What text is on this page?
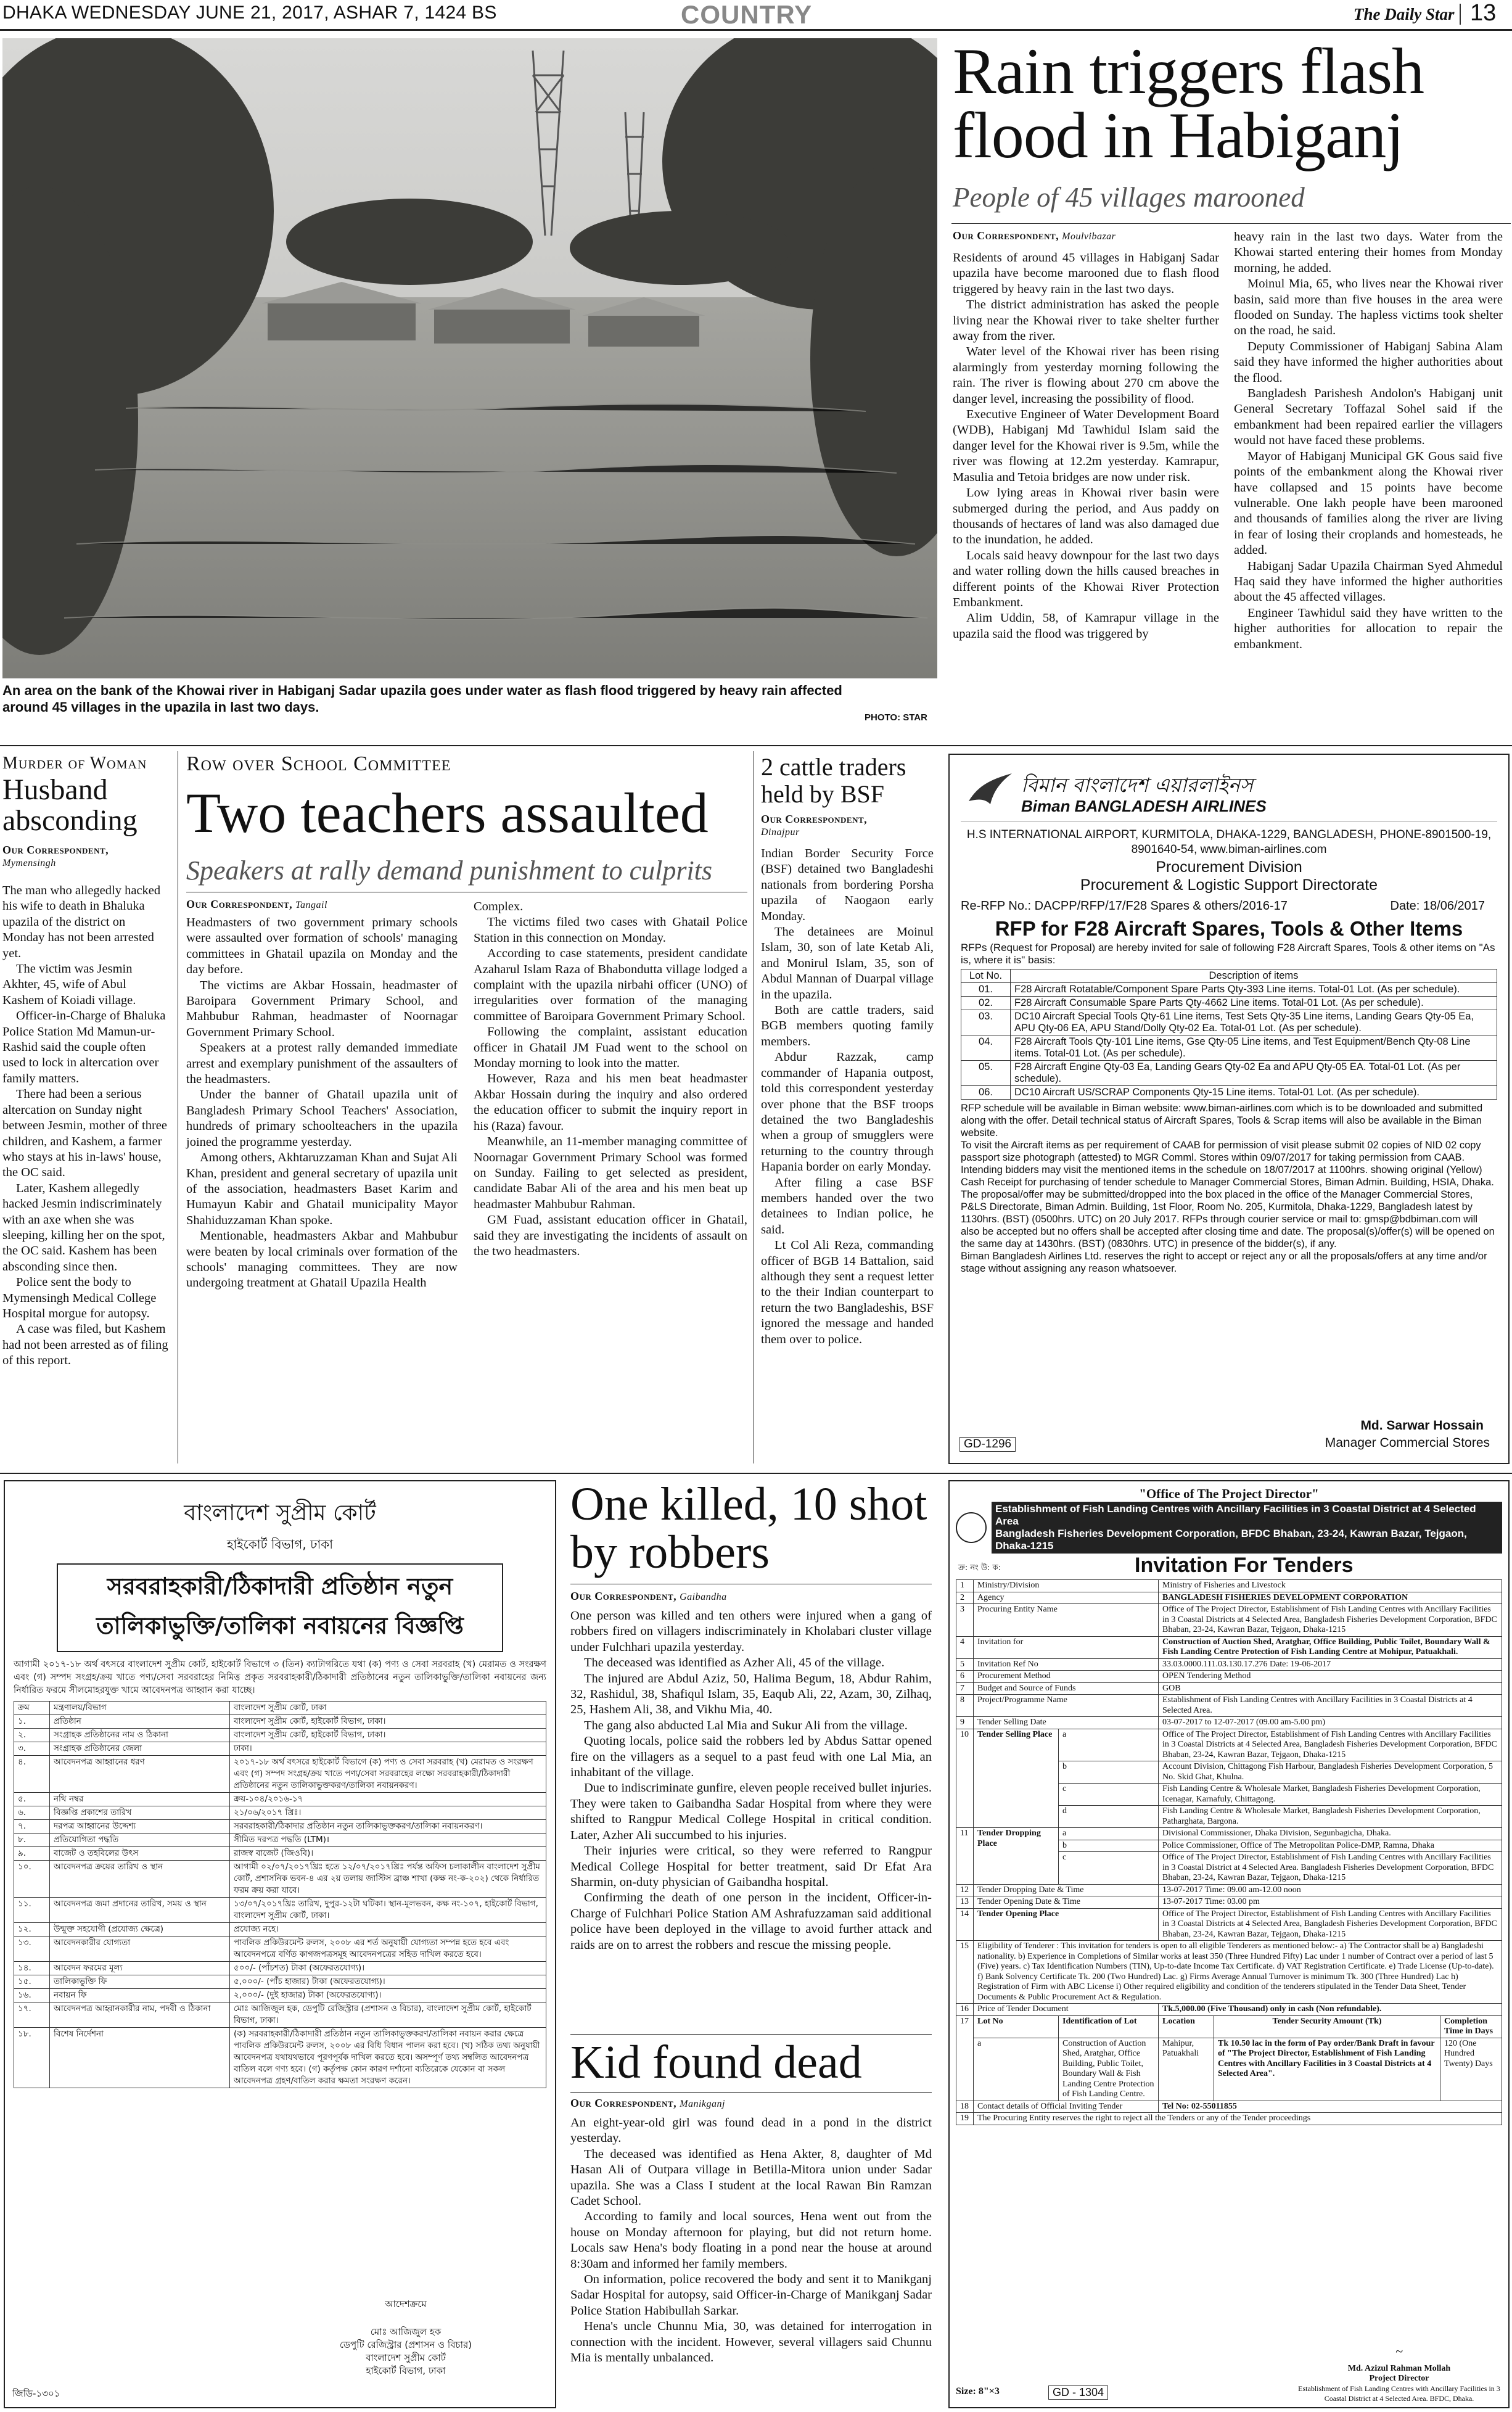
DHAKA WEDNESDAY JUNE 21, 2017, ASHAR 7, 1424 BS	COUNTRY	The Daily Star 13
An area on the bank of the Khowai river in Habiganj Sadar upazila goes under water as flash flood triggered by heavy rain affected around 45 villages in the upazila in last two days.
PHOTO: STAR
Rain triggers flash flood in Habiganj
People of 45 villages marooned
Our Correspondent, Moulvibazar

Residents of around 45 villages in Habiganj Sadar upazila have become marooned due to flash flood triggered by heavy rain in the last two days.

The district administration has asked the people living near the Khowai river to take shelter further away from the river.

Water level of the Khowai river has been rising alarmingly from yesterday morning following the rain. The river is flowing about 270 cm above the danger level, increasing the possibility of flood.

Executive Engineer of Water Development Board (WDB), Habiganj Md Tawhidul Islam said the danger level for the Khowai river is 9.5m, while the river was flowing at 12.2m yesterday. Kamrapur, Masulia and Tetoia bridges are now under risk.

Low lying areas in Khowai river basin were submerged during the period, and Aus paddy on thousands of hectares of land was also damaged due to the inundation, he added.

Locals said heavy downpour for the last two days and water rolling down the hills caused breaches in different points of the Khowai River Protection Embankment.

Alim Uddin, 58, of Kamrapur village in the upazila said the flood was triggered by

heavy rain in the last two days. Water from the Khowai started entering their homes from Monday morning, he added.

Moinul Mia, 65, who lives near the Khowai river basin, said more than five houses in the area were flooded on Sunday. The hapless victims took shelter on the road, he said.

Deputy Commissioner of Habiganj Sabina Alam said they have informed the higher authorities about the flood.

Bangladesh Parishesh Andolon's Habiganj unit General Secretary Toffazal Sohel said if the embankment had been repaired earlier the villagers would not have faced these problems.

Mayor of Habiganj Municipal GK Gous said five points of the embankment along the Khowai river have collapsed and 15 points have become vulnerable. One lakh people have been marooned and thousands of families along the river are living in fear of losing their croplands and homesteads, he added.

Habiganj Sadar Upazila Chairman Syed Ahmedul Haq said they have informed the higher authorities about the 45 affected villages.

Engineer Tawhidul said they have written to the higher authorities for allocation to repair the embankment.

Murder of Woman
Husband absconding
Our Correspondent,
Mymensingh

The man who allegedly hacked his wife to death in Bhaluka upazila of the district on Monday has not been arrested yet.

The victim was Jesmin Akhter, 45, wife of Abul Kashem of Koiadi village.

Officer-in-Charge of Bhaluka Police Station Md Mamun-ur-Rashid said the couple often used to lock in altercation over family matters.

There had been a serious altercation on Sunday night between Jesmin, mother of three children, and Kashem, a farmer who stays at his in-laws' house, the OC said.

Later, Kashem allegedly hacked Jesmin indiscriminately with an axe when she was sleeping, killing her on the spot, the OC said. Kashem has been absconding since then.

Police sent the body to Mymensingh Medical College Hospital morgue for autopsy.

A case was filed, but Kashem had not been arrested as of filing of this report.

Row over School Committee
Two teachers assaulted
Speakers at rally demand punishment to culprits
Our Correspondent, Tangail

Headmasters of two government primary schools were assaulted over formation of schools' managing committees in Ghatail upazila on Monday and the day before.

The victims are Akbar Hossain, headmaster of Baroipara Government Primary School, and Mahbubur Rahman, headmaster of Noornagar Government Primary School.

Speakers at a protest rally demanded immediate arrest and exemplary punishment of the assaulters of the headmasters.

Under the banner of Ghatail upazila unit of Bangladesh Primary School Teachers' Association, hundreds of primary schoolteachers in the upazila joined the programme yesterday.

Among others, Akhtaruzzaman Khan and Sujat Ali Khan, president and general secretary of upazila unit of the association, headmasters Baset Karim and Humayun Kabir and Ghatail municipality Mayor Shahiduzzaman Khan spoke.

Mentionable, headmasters Akbar and Mahbubur were beaten by local criminals over formation of the schools' managing committees. They are now undergoing treatment at Ghatail Upazila Health

Complex.

The victims filed two cases with Ghatail Police Station in this connection on Monday.

According to case statements, president candidate Azaharul Islam Raza of Bhabondutta village lodged a complaint with the upazila nirbahi officer (UNO) of irregularities over formation of the managing committee of Baroipara Government Primary School.

Following the complaint, assistant education officer in Ghatail JM Fuad went to the school on Monday morning to look into the matter.

However, Raza and his men beat headmaster Akbar Hossain during the inquiry and also ordered the education officer to submit the inquiry report in his (Raza) favour.

Meanwhile, an 11-member managing committee of Noornagar Government Primary School was formed on Sunday. Failing to get selected as president, candidate Babar Ali of the area and his men beat up headmaster Mahbubur Rahman.

GM Fuad, assistant education officer in Ghatail, said they are investigating the incidents of assault on the two headmasters.

2 cattle traders held by BSF
Our Correspondent,
Dinajpur

Indian Border Security Force (BSF) detained two Bangladeshi nationals from bordering Porsha upazila of Naogaon early Monday.

The detainees are Moinul Islam, 30, son of late Ketab Ali, and Monirul Islam, 35, son of Abdul Mannan of Duarpal village in the upazila.

Both are cattle traders, said BGB members quoting family members.

Abdur Razzak, camp commander of Hapania outpost, told this correspondent yesterday over phone that the BSF troops detained the two Bangladeshis when a group of smugglers were returning to the country through Hapania border on early Monday.

After filing a case BSF members handed over the two detainees to Indian police, he said.

Lt Col Ali Reza, commanding officer of BGB 14 Battalion, said although they sent a request letter to the their Indian counterpart to return the two Bangladeshis, BSF ignored the message and handed them over to police.

বিমান বাংলাদেশ এয়ারলাইনস
Biman BANGLADESH AIRLINES
H.S INTERNATIONAL AIRPORT, KURMITOLA, DHAKA-1229, BANGLADESH, PHONE-8901500-19, 8901640-54, www.biman-airlines.com
Procurement Division
Procurement & Logistic Support Directorate
Re-RFP No.: DACPP/RFP/17/F28 Spares & others/2016-17	Date: 18/06/2017
RFP for F28 Aircraft Spares, Tools & Other Items
RFPs (Request for Proposal) are hereby invited for sale of following F28 Aircraft Spares, Tools & other items on "As is, where it is" basis:
Lot No.	Description of items
01.	F28 Aircraft Rotatable/Component Spare Parts Qty-393 Line items. Total-01 Lot. (As per schedule).
02.	F28 Aircraft Consumable Spare Parts Qty-4662 Line items. Total-01 Lot. (As per schedule).
03.	DC10 Aircraft Special Tools Qty-61 Line items, Test Sets Qty-35 Line items, Landing Gears Qty-05 Ea, APU Qty-06 EA, APU Stand/Dolly Qty-02 Ea. Total-01 Lot. (As per schedule).
04.	F28 Aircraft Tools Qty-101 Line items, Gse Qty-05 Line items, and Test Equipment/Bench Qty-08 Line items. Total-01 Lot. (As per schedule).
05.	F28 Aircraft Engine Qty-03 Ea, Landing Gears Qty-02 Ea and APU Qty-05 EA. Total-01 Lot. (As per schedule).
06.	DC10 Aircraft US/SCRAP Components Qty-15 Line items. Total-01 Lot. (As per schedule).

RFP schedule will be available in Biman website: www.biman-airlines.com which is to be downloaded and submitted along with the offer. Detail technical status of Aircraft Spares, Tools & Scrap items will also be available in the Biman website.

To visit the Aircraft items as per requirement of CAAB for permission of visit please submit 02 copies of NID 02 copy passport size photograph (attested) to MGR Comml. Stores within 09/07/2017 for taking permission from CAAB.

Intending bidders may visit the mentioned items in the schedule on 18/07/2017 at 1100hrs. showing original (Yellow) Cash Receipt for purchasing of tender schedule to Manager Commercial Stores, Biman Admin. Building, HSIA, Dhaka.

The proposal/offer may be submitted/dropped into the box placed in the office of the Manager Commercial Stores, P&LS Directorate, Biman Admin. Building, 1st Floor, Room No. 205, Kurmitola, Dhaka-1229, Bangladesh latest by 1130hrs. (BST) (0500hrs. UTC) on 20 July 2017. RFPs through courier service or mail to: gmsp@bdbiman.com will also be accepted but no offers shall be accepted after closing time and date. The proposal(s)/offer(s) will be opened on the same day at 1430hrs. (BST) (0830hrs. UTC) in presence of the bidder(s), if any.

Biman Bangladesh Airlines Ltd. reserves the right to accept or reject any or all the proposals/offers at any time and/or stage without assigning any reason whatsoever.

Md. Sarwar Hossain
Manager Commercial Stores
GD-1296
বাংলাদেশ সুপ্রীম কোর্ট
হাইকোর্ট বিভাগ, ঢাকা
সরবরাহকারী/ঠিকাদারী প্রতিষ্ঠান নতুন
তালিকাভুক্তি/তালিকা নবায়নের বিজ্ঞপ্তি
আগামী ২০১৭-১৮ অর্থ বৎসরে বাংলাদেশ সুপ্রীম কোর্ট, হাইকোর্ট বিভাগে ৩ (তিন) ক্যাটাগরিতে যথা (ক) পণ্য ও সেবা সরবরাহ (খ) মেরামত ও সংরক্ষণ এবং (গ) সম্পদ সংগ্রহ/ক্রয় খাতে পণ্য/সেবা সরবরাহের নিমিত্ত প্রকৃত সরবরাহকারী/ঠিকাদারী প্রতিষ্ঠানের নতুন তালিকাভুক্তি/তালিকা নবায়নের জন্য নির্ধারিত ফরমে সীলমোহরযুক্ত খামে আবেদনপত্র আহ্বান করা যাচ্ছে।
ক্রম	মন্ত্রণালয়/বিভাগ	বাংলাদেশ সুপ্রীম কোর্ট, ঢাকা
১.	প্রতিষ্ঠান	বাংলাদেশ সুপ্রীম কোর্ট, হাইকোর্ট বিভাগ, ঢাকা।
২.	সংগ্রাহক প্রতিষ্ঠানের নাম ও ঠিকানা	বাংলাদেশ সুপ্রীম কোর্ট, হাইকোর্ট বিভাগ, ঢাকা।
৩.	সংগ্রাহক প্রতিষ্ঠানের জেলা	ঢাকা।
৪.	আবেদনপত্র আহ্বানের ধরণ	২০১৭-১৮ অর্থ বৎসরে হাইকোর্ট বিভাগে (ক) পণ্য ও সেবা সরবরাহ (খ) মেরামত ও সংরক্ষণ এবং (গ) সম্পদ সংগ্রহ/ক্রয় খাতে পণ্য/সেবা সরবরাহের লক্ষ্যে সরবরাহকারী/ঠিকাদারী প্রতিষ্ঠানের নতুন তালিকাভুক্তকরণ/তালিকা নবায়নকরণ।
৫.	নথি নম্বর	ক্রয়-১০৪/২০১৬-১৭
৬.	বিজ্ঞপ্তি প্রকাশের তারিখ	২১/০৬/২০১৭ খ্রিঃ।
৭.	দরপত্র আহ্বানের উদ্দেশ্য	সরবরাহকারী/ঠিকাদার প্রতিষ্ঠান নতুন তালিকাভুক্তকরণ/তালিকা নবায়নকরণ।
৮.	প্রতিযোগিতা পদ্ধতি	সীমিত দরপত্র পদ্ধতি (LTM)।
৯.	বাজেট ও তহবিলের উৎস	রাজস্ব বাজেট (জিওবি)।
১০.	আবেদনপত্র ক্রয়ের তারিখ ও স্থান	আগামী ০২/০৭/২০১৭খ্রিঃ হতে ১২/০৭/২০১৭খ্রিঃ পর্যন্ত অফিস চলাকালীন বাংলাদেশ সুপ্রীম কোর্ট, প্রশাসনিক ভবন-৪ এর ২য় তলায় জাস্টিস ব্রাঞ্চ শাখা (কক্ষ নং-ক-২০২) থেকে নির্ধারিত ফরম ক্রয় করা যাবে।
১১.	আবেদনপত্র জমা প্রদানের তারিখ, সময় ও স্থান	১৩/০৭/২০১৭খ্রিঃ তারিখ, দুপুর-১২টা ঘটিকা। স্থান-মূলভবন, কক্ষ নং-১০৭, হাইকোর্ট বিভাগ, বাংলাদেশ সুপ্রীম কোর্ট, ঢাকা।
১২.	উন্মুক্ত সহযোগী (প্রযোজ্য ক্ষেত্রে)	প্রযোজ্য নহে।
১৩.	আবেদনকারীর যোগ্যতা	পাবলিক প্রকিউরমেন্ট রুলস, ২০০৮ এর শর্ত অনুযায়ী যোগ্যতা সম্পন্ন হতে হবে এবং আবেদনপত্রে বর্ণিত কাগজপত্রসমূহ আবেদনপত্রের সহিত দাখিল করতে হবে।
১৪.	আবেদন ফরমের মূল্য	৫০০/- (পাঁচশত) টাকা (অফেরতযোগ্য)।
১৫.	তালিকাভুক্তি ফি	৫,০০০/- (পাঁচ হাজার) টাকা (অফেরতযোগ্য)।
১৬.	নবায়ন ফি	২,০০০/- (দুই হাজার) টাকা (অফেরতযোগ্য)।
১৭.	আবেদনপত্র আহ্বানকারীর নাম, পদবী ও ঠিকানা	মোঃ আজিজুল হক, ডেপুটি রেজিস্ট্রার (প্রশাসন ও বিচার), বাংলাদেশ সুপ্রীম কোর্ট, হাইকোর্ট বিভাগ, ঢাকা।
১৮.	বিশেষ নির্দেশনা	(ক) সরবরাহকারী/ঠিকাদারী প্রতিষ্ঠান নতুন তালিকাভুক্তকরণ/তালিকা নবায়ন করার ক্ষেত্রে পাবলিক প্রকিউরমেন্ট রুলস, ২০০৮ এর বিধি বিধান পালন করা হবে। (খ) সঠিক তথ্য অনুযায়ী আবেদনপত্র যথাযথভাবে পূরণপূর্বক দাখিল করতে হবে। অসম্পূর্ণ তথ্য সম্বলিত আবেদনপত্র বাতিল বলে গণ্য হবে। (গ) কর্তৃপক্ষ কোন কারণ দর্শানো ব্যতিরেকে যেকোন বা সকল আবেদনপত্র গ্রহণ/বাতিল করার ক্ষমতা সংরক্ষণ করেন।
আদেশক্রমে
মোঃ আজিজুল হক
ডেপুটি রেজিস্ট্রার (প্রশাসন ও বিচার)
বাংলাদেশ সুপ্রীম কোর্ট
হাইকোর্ট বিভাগ, ঢাকা
জিডি-১৩০১
One killed, 10 shot by robbers
Our Correspondent, Gaibandha

One person was killed and ten others were injured when a gang of robbers fired on villagers indiscriminately in Kholabari cluster village under Fulchhari upazila yesterday.

The deceased was identified as Azher Ali, 45 of the village.

The injured are Abdul Aziz, 50, Halima Begum, 18, Abdur Rahim, 32, Rashidul, 38, Shafiqul Islam, 35, Eaqub Ali, 22, Azam, 30, Zilhaq, 25, Hashem Ali, 38, and Vikhu Mia, 40.

The gang also abducted Lal Mia and Sukur Ali from the village.

Quoting locals, police said the robbers led by Abdus Sattar opened fire on the villagers as a sequel to a past feud with one Lal Mia, an inhabitant of the village.

Due to indiscriminate gunfire, eleven people received bullet injuries. They were taken to Gaibandha Sadar Hospital from where they were shifted to Rangpur Medical College Hospital in critical condition. Later, Azher Ali succumbed to his injuries.

Their injuries were critical, so they were referred to Rangpur Medical College Hospital for better treatment, said Dr Efat Ara Sharmin, on-duty physician of Gaibandha hospital.

Confirming the death of one person in the incident, Officer-in-Charge of Fulchhari Police Station AM Ashrafuzzaman said additional police have been deployed in the village to avoid further attack and raids are on to arrest the robbers and rescue the missing people.

Kid found dead
Our Correspondent, Manikganj

An eight-year-old girl was found dead in a pond in the district yesterday.

The deceased was identified as Hena Akter, 8, daughter of Md Hasan Ali of Outpara village in Betilla-Mitora union under Sadar upazila. She was a Class I student at the local Rawan Bin Ramzan Cadet School.

According to family and local sources, Hena went out from the house on Monday afternoon for playing, but did not return home. Locals saw Hena's body floating in a pond near the house at around 8:30am and informed her family members.

On information, police recovered the body and sent it to Manikganj Sadar Hospital for autopsy, said Officer-in-Charge of Manikganj Sadar Police Station Habibullah Sarkar.

Hena's uncle Chunnu Mia, 30, was detained for interrogation in connection with the incident. However, several villagers said Chunnu Mia is mentally unbalanced.

"Office of The Project Director"
Establishment of Fish Landing Centres with Ancillary Facilities in 3 Coastal District at 4 Selected Area
Bangladesh Fisheries Development Corporation, BFDC Bhaban, 23-24, Kawran Bazar, Tejgaon, Dhaka-1215
ক্র: নং উ: ক:	Invitation For Tenders
1	Ministry/Division		Ministry of Fisheries and Livestock		
2	Agency		BANGLADESH FISHERIES DEVELOPMENT CORPORATION		
3	Procuring Entity Name		Office of The Project Director, Establishment of Fish Landing Centres with Ancillary Facilities in 3 Coastal Districts at 4 Selected Area, Bangladesh Fisheries Development Corporation, BFDC Bhaban, 23-24, Kawran Bazar, Tejgaon, Dhaka-1215		
4	Invitation for		Construction of Auction Shed, Aratghar, Office Building, Public Toilet, Boundary Wall & Fish Landing Centre Protection of Fish Landing Centre at Mohipur, Patuakhali.		
5	Invitation Ref No		33.03.0000.111.03.130.17.276 Date: 19-06-2017		
6	Procurement Method		OPEN Tendering Method		
7	Budget and Source of Funds		GOB		
8	Project/Programme Name		Establishment of Fish Landing Centres with Ancillary Facilities in 3 Coastal Districts at 4 Selected Area.		
9	Tender Selling Date		03-07-2017 to 12-07-2017 (09.00 am-5.00 pm)		
10	Tender Selling Place	a	Office of The Project Director, Establishment of Fish Landing Centres with Ancillary Facilities in 3 Coastal Districts at 4 Selected Area, Bangladesh Fisheries Development Corporation, BFDC Bhaban, 23-24, Kawran Bazar, Tejgaon, Dhaka-1215		
		b	Account Division, Chittagong Fish Harbour, Bangladesh Fisheries Development Corporation, 5 No. Skid Ghat, Khulna.		
		c	Fish Landing Centre & Wholesale Market, Bangladesh Fisheries Development Corporation, Icenagar, Karnafuly, Chittagong.		
		d	Fish Landing Centre & Wholesale Market, Bangladesh Fisheries Development Corporation, Patharghata, Bargona.		
11	Tender Dropping Place	a	Divisional Commissioner, Dhaka Division, Segunbagicha, Dhaka.		
		b	Police Commissioner, Office of The Metropolitan Police-DMP, Ramna, Dhaka		
		c	Office of The Project Director, Establishment of Fish Landing Centres with Ancillary Facilities in 3 Coastal District at 4 Selected Area. Bangladesh Fisheries Development Corporation, BFDC Bhaban, 23-24, Kawran Bazar, Tejgaon, Dhaka-1215		
12	Tender Dropping Date & Time		13-07-2017 Time: 09.00 am-12.00 noon		
13	Tender Opening Date & Time		13-07-2017 Time: 03.00 pm		
14	Tender Opening Place		Office of The Project Director, Establishment of Fish Landing Centres with Ancillary Facilities in 3 Coastal Districts at 4 Selected Area, Bangladesh Fisheries Development Corporation, BFDC Bhaban, 23-24, Kawran Bazar, Tejgaon, Dhaka-1215		
15	Eligibility of Tenderer : This invitation for tenders is open to all eligible Tenderers as mentioned below:- a) The Contractor shall be a) Bangladeshi nationality. b) Experience in Completions of Similar works at least 350 (Three Hundred Fifty) Lac under 1 number of Contract over a period of last 5 (Five) years. c) Tax Identification Numbers (TIN), Up-to-date Income Tax Certificate. d) VAT Registration Certificate. e) Trade License (Up-to-date). f) Bank Solvency Certificate Tk. 200 (Two Hundred) Lac. g) Firms Average Annual Turnover is minimum Tk. 300 (Three Hundred) Lac h) Registration of Firm with ABC License i) Other required eligibility and condition of the tenderers stipulated in the Tender Data Sheet, Tender Documents & Public Procurement Act & Regulation.				
16	Price of Tender Document		Tk.5,000.00 (Five Thousand) only in cash (Non refundable).		
17	Lot No	Identification of Lot	Location	Tender Security Amount (Tk)	Completion Time in Days
	a	Construction of Auction Shed, Aratghar, Office Building, Public Toilet, Boundary Wall & Fish Landing Centre Protection of Fish Landing Centre.	Mahipur, Patuakhali	Tk 10.50 lac in the form of Pay order/Bank Draft in favour of "The Project Director, Establishment of Fish Landing Centres with Ancillary Facilities in 3 Coastal Districts at 4 Selected Area".	120 (One Hundred Twenty) Days
18	Contact details of Official Inviting Tender		Tel No: 02-55011855		
19	The Procuring Entity reserves the right to reject all the Tenders or any of the Tender proceedings				
~
Md. Azizul Rahman Mollah
Project Director
Establishment of Fish Landing Centres with Ancillary Facilities in 3 Coastal District at 4 Selected Area. BFDC, Dhaka.
Size: 8"×3	GD - 1304
